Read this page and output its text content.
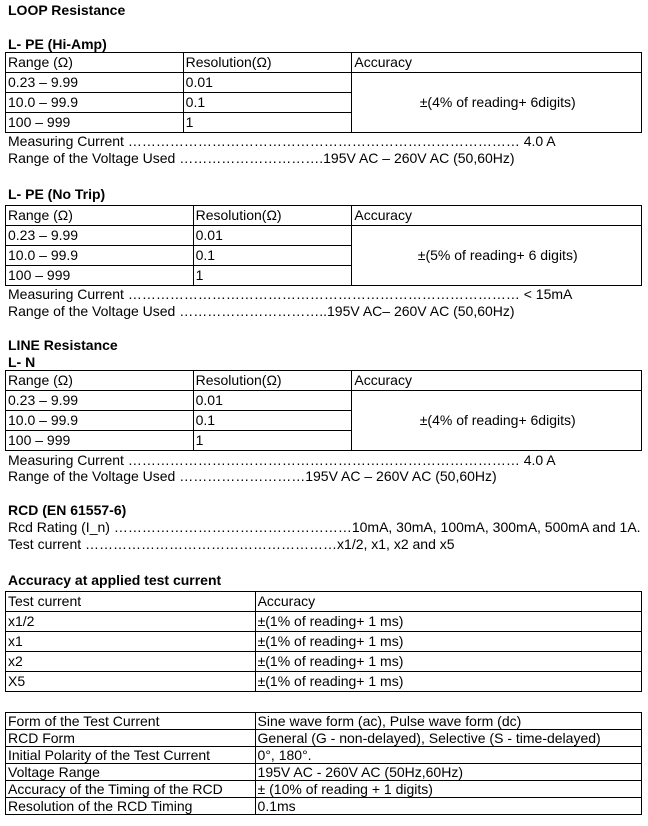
LOOP Resistance
L- PE (Hi-Amp)
Range (Ω)	Resolution(Ω)	Accuracy
0.23 – 9.99	0.01	±(4% of reading+ 6digits)
10.0 – 99.9	0.1	
100 – 999	1	
Measuring Current ………………………………………………………………………… 4.0 A
Range of the Voltage Used ………………………….195V AC – 260V AC (50,60Hz)
L- PE (No Trip)
Range (Ω)	Resolution(Ω)	Accuracy
0.23 – 9.99	0.01	±(5% of reading+ 6 digits)
10.0 – 99.9	0.1	
100 – 999	1	
Measuring Current ………………………………………………………………………… < 15mA
Range of the Voltage Used …………………………..195V AC– 260V AC (50,60Hz)
LINE Resistance
L- N
Range (Ω)	Resolution(Ω)	Accuracy
0.23 – 9.99	0.01	±(4% of reading+ 6digits)
10.0 – 99.9	0.1	
100 – 999	1	
Measuring Current ………………………………………………………………………… 4.0 A
Range of the Voltage Used ………………………195V AC – 260V AC (50,60Hz)
RCD (EN 61557-6)
Rcd Rating (I_n) ……………………………………………10mA, 30mA, 100mA, 300mA, 500mA and 1A.
Test current ………………………………………………x1/2, x1, x2 and x5
Accuracy at applied test current
Test current	Accuracy
x1/2	±(1% of reading+ 1 ms)
x1	±(1% of reading+ 1 ms)
x2	±(1% of reading+ 1 ms)
X5	±(1% of reading+ 1 ms)
Form of the Test Current	Sine wave form (ac), Pulse wave form (dc)
RCD Form	General (G - non-delayed), Selective (S - time-delayed)
Initial Polarity of the Test Current	0°, 180°.
Voltage Range	195V AC - 260V AC (50Hz,60Hz)
Accuracy of the Timing of the RCD	± (10% of reading + 1 digits)
Resolution of the RCD Timing	0.1ms
